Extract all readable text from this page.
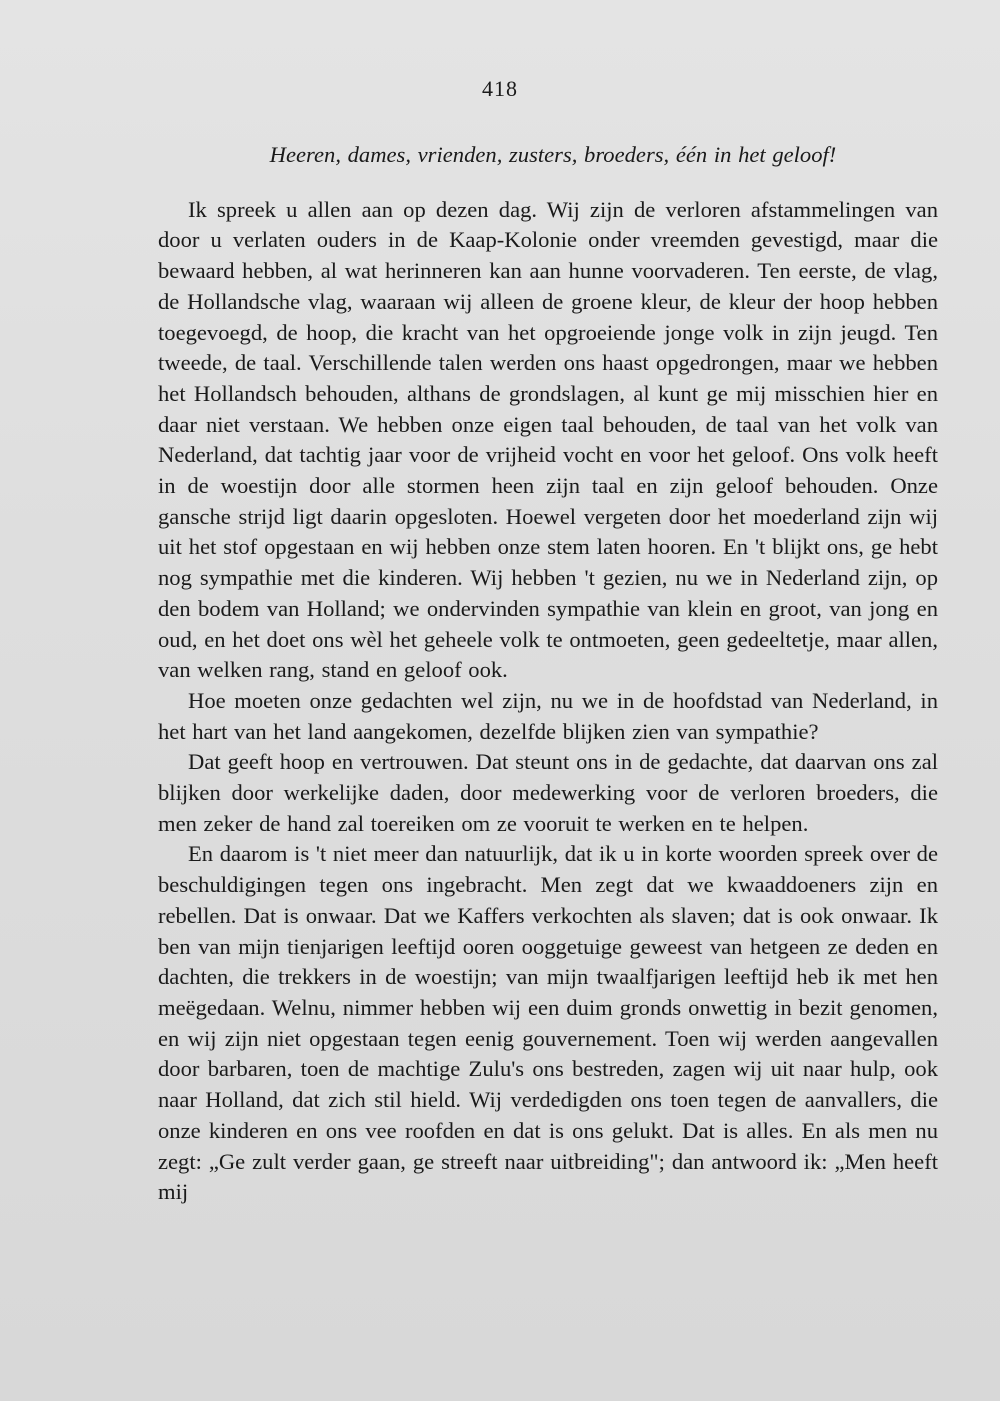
418

Heeren, dames, vrienden, zusters, broeders, één in het geloof!

Ik spreek u allen aan op dezen dag. Wij zijn de verloren afstammelingen van door u verlaten ouders in de Kaap-Kolonie onder vreemden gevestigd, maar die bewaard hebben, al wat herinneren kan aan hunne voorvaderen. Ten eerste, de vlag, de Hollandsche vlag, waaraan wij alleen de groene kleur, de kleur der hoop hebben toegevoegd, de hoop, die kracht van het opgroeiende jonge volk in zijn jeugd. Ten tweede, de taal. Verschillende talen werden ons haast opgedrongen, maar we hebben het Hollandsch behouden, althans de grondslagen, al kunt ge mij misschien hier en daar niet verstaan. We hebben onze eigen taal behouden, de taal van het volk van Nederland, dat tachtig jaar voor de vrijheid vocht en voor het geloof. Ons volk heeft in de woestijn door alle stormen heen zijn taal en zijn geloof behouden. Onze gansche strijd ligt daarin opgesloten. Hoewel vergeten door het moederland zijn wij uit het stof opgestaan en wij hebben onze stem laten hooren. En 't blijkt ons, ge hebt nog sympathie met die kinderen. Wij hebben 't gezien, nu we in Nederland zijn, op den bodem van Holland; we ondervinden sympathie van klein en groot, van jong en oud, en het doet ons wèl het geheele volk te ontmoeten, geen gedeeltetje, maar allen, van welken rang, stand en geloof ook.

Hoe moeten onze gedachten wel zijn, nu we in de hoofdstad van Nederland, in het hart van het land aangekomen, dezelfde blijken zien van sympathie?

Dat geeft hoop en vertrouwen. Dat steunt ons in de gedachte, dat daarvan ons zal blijken door werkelijke daden, door medewerking voor de verloren broeders, die men zeker de hand zal toereiken om ze vooruit te werken en te helpen.

En daarom is 't niet meer dan natuurlijk, dat ik u in korte woorden spreek over de beschuldigingen tegen ons ingebracht. Men zegt dat we kwaaddoeners zijn en rebellen. Dat is onwaar. Dat we Kaffers verkochten als slaven; dat is ook onwaar. Ik ben van mijn tienjarigen leeftijd ooren ooggetuige geweest van hetgeen ze deden en dachten, die trekkers in de woestijn; van mijn twaalfjarigen leeftijd heb ik met hen meëgedaan. Welnu, nimmer hebben wij een duim gronds onwettig in bezit genomen, en wij zijn niet opgestaan tegen eenig gouvernement. Toen wij werden aangevallen door barbaren, toen de machtige Zulu's ons bestreden, zagen wij uit naar hulp, ook naar Holland, dat zich stil hield. Wij verdedigden ons toen tegen de aanvallers, die onze kinderen en ons vee roofden en dat is ons gelukt. Dat is alles. En als men nu zegt: „Ge zult verder gaan, ge streeft naar uitbreiding"; dan antwoord ik: „Men heeft mij
